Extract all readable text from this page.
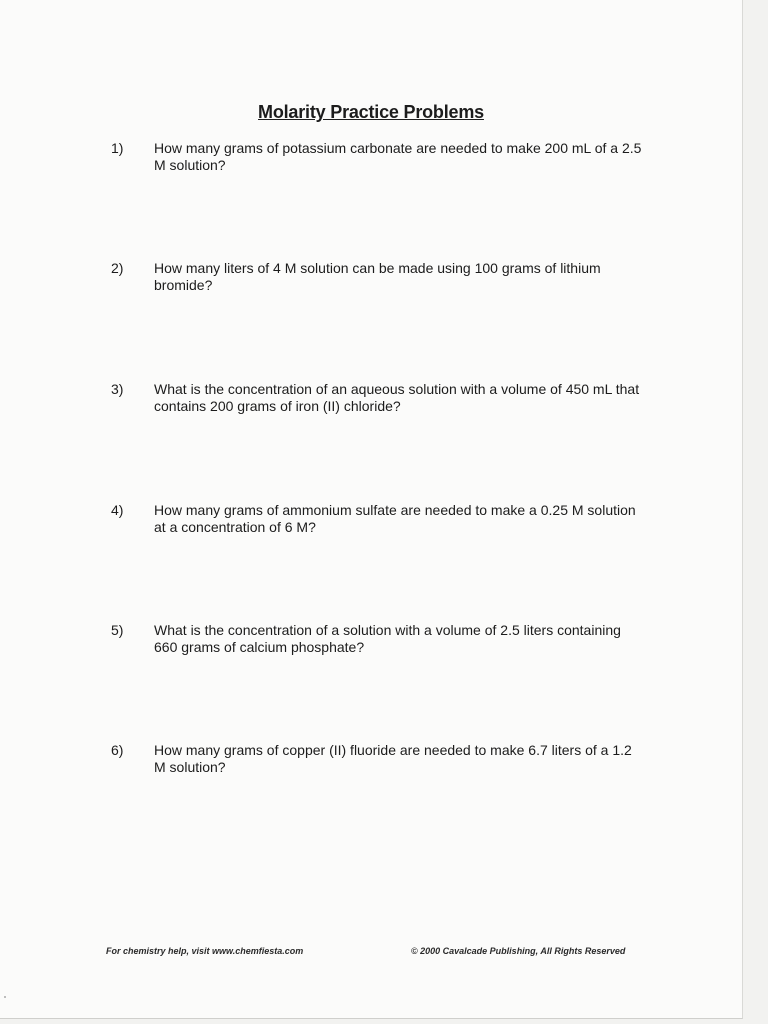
Molarity Practice Problems
1) How many grams of potassium carbonate are needed to make 200 mL of a 2.5 M solution?
2) How many liters of 4 M solution can be made using 100 grams of lithium bromide?
3) What is the concentration of an aqueous solution with a volume of 450 mL that contains 200 grams of iron (II) chloride?
4) How many grams of ammonium sulfate are needed to make a 0.25 M solution at a concentration of 6 M?
5) What is the concentration of a solution with a volume of 2.5 liters containing 660 grams of calcium phosphate?
6) How many grams of copper (II) fluoride are needed to make 6.7 liters of a 1.2 M solution?
For chemistry help, visit www.chemfiesta.com	© 2000 Cavalcade Publishing, All Rights Reserved
